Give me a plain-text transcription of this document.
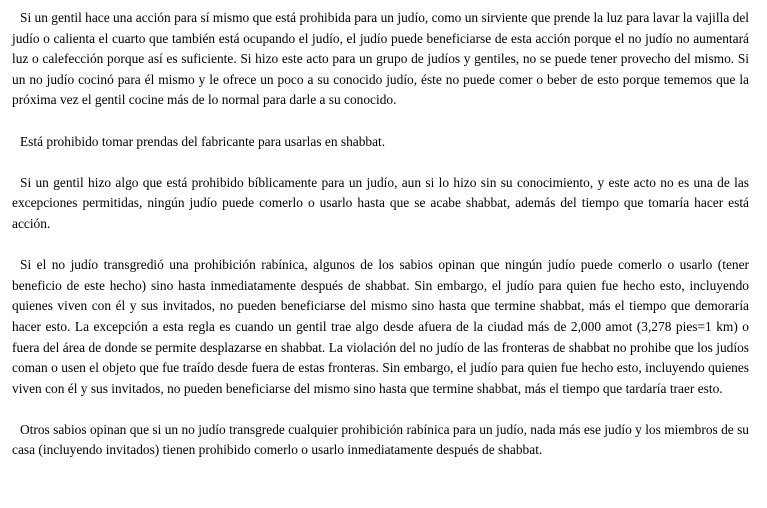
Si un gentil hace una acción para sí mismo que está prohibida para un judío, como un sirviente que prende la luz para lavar la vajilla del judío o calienta el cuarto que también está ocupando el judío, el judío puede beneficiarse de esta acción porque el no judío no aumentará luz o calefección porque así es suficiente. Si hizo este acto para un grupo de judíos y gentiles, no se puede tener provecho del mismo. Si un no judío cocinó para él mismo y le ofrece un poco a su conocido judío, éste no puede comer o beber de esto porque tememos que la próxima vez el gentil cocine más de lo normal para darle a su conocido.

Está prohibido tomar prendas del fabricante para usarlas en shabbat.

Si un gentil hizo algo que está prohibido bíblicamente para un judío, aun si lo hizo sin su conocimiento, y este acto no es una de las excepciones permitidas, ningún judío puede comerlo o usarlo hasta que se acabe shabbat, además del tiempo que tomaría hacer está acción.

Si el no judío transgredió una prohibición rabínica, algunos de los sabios opinan que ningún judío puede comerlo o usarlo (tener beneficio de este hecho) sino hasta inmediatamente después de shabbat. Sin embargo, el judío para quien fue hecho esto, incluyendo quienes viven con él y sus invitados, no pueden beneficiarse del mismo sino hasta que termine shabbat, más el tiempo que demoraría hacer esto. La excepción a esta regla es cuando un gentil trae algo desde afuera de la ciudad más de 2,000 amot (3,278 pies=1 km) o fuera del área de donde se permite desplazarse en shabbat. La violación del no judío de las fronteras de shabbat no prohibe que los judíos coman o usen el objeto que fue traído desde fuera de estas fronteras. Sin embargo, el judío para quien fue hecho esto, incluyendo quienes viven con él y sus invitados, no pueden beneficiarse del mismo sino hasta que termine shabbat, más el tiempo que tardaría traer esto.

Otros sabios opinan que si un no judío transgrede cualquier prohibición rabínica para un judío, nada más ese judío y los miembros de su casa (incluyendo invitados) tienen prohibido comerlo o usarlo inmediatamente después de shabbat.
